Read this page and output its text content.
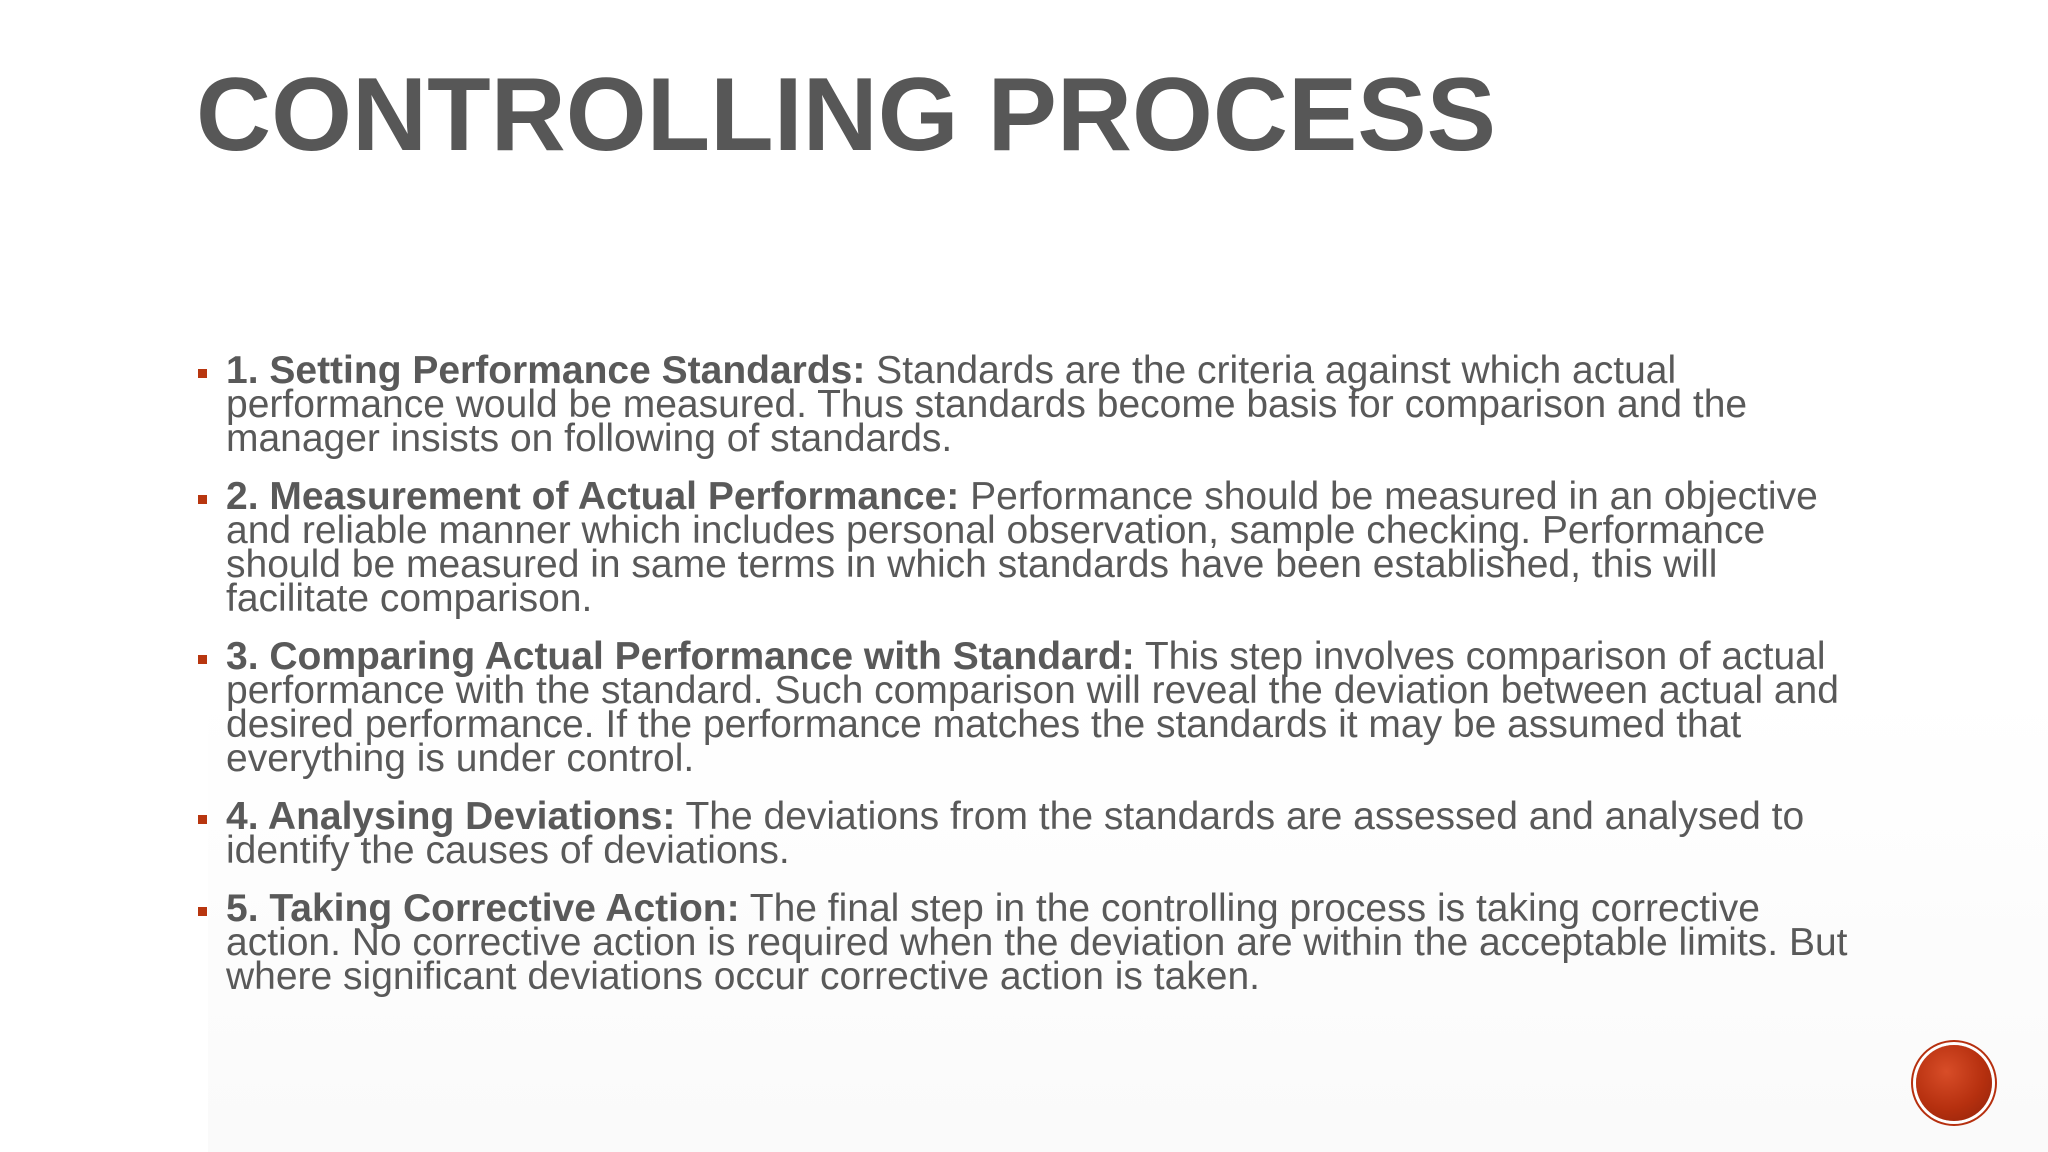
CONTROLLING PROCESS
1. Setting Performance Standards: Standards are the criteria against which actual performance would be measured. Thus standards become basis for comparison and the manager insists on following of standards.
2. Measurement of Actual Performance: Performance should be measured in an objective and reliable manner which includes personal observation, sample checking. Performance should be measured in same terms in which standards have been established, this will facilitate comparison.
3. Comparing Actual Performance with Standard: This step involves comparison of actual performance with the standard. Such comparison will reveal the deviation between actual and desired performance. If the performance matches the standards it may be assumed that everything is under control.
4. Analysing Deviations: The deviations from the standards are assessed and analysed to identify the causes of deviations.
5. Taking Corrective Action: The final step in the controlling process is taking corrective action. No corrective action is required when the deviation are within the acceptable limits. But where significant deviations occur corrective action is taken.
